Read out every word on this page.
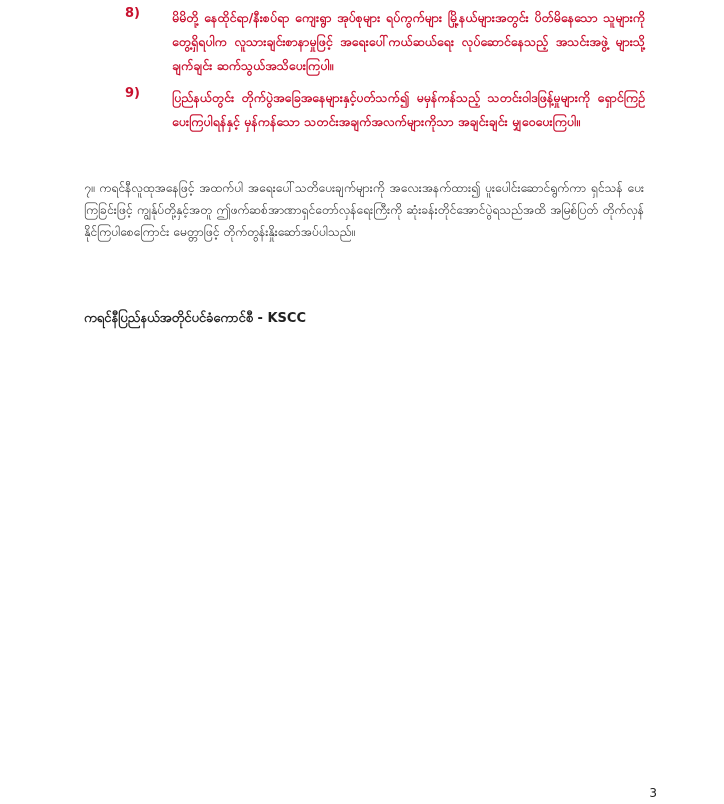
8)	မိမိတို့ နေထိုင်ရာ/နီးစပ်ရာ ကျေးရွာ အုပ်စုများ ရပ်ကွက်များ မြို့နယ်များအတွင်း ပိတ်မိနေသော သူများကို တွေ့ရှိရပါက လူသားချင်းစာနာမှုဖြင့် အရေးပေါ်ကယ်ဆယ်ရေး လုပ်ဆောင်နေသည့် အသင်းအဖွဲ့ များသို့ ချက်ချင်း ဆက်သွယ်အသိပေးကြပါ။
9)	ပြည်နယ်တွင်း တိုက်ပွဲအခြေအနေများနှင့်ပတ်သက်၍ မမှန်ကန်သည့် သတင်းဝါဒဖြန့်မှုများကို ရှောင်ကြဉ် ပေးကြပါရန်နှင့် မှန်ကန်သော သတင်းအချက်အလက်များကိုသာ အချင်းချင်း မျှဝေပေးကြပါ။
၇။ ကရင်နီလူထုအနေဖြင့် အထက်ပါ အရေးပေါ်သတိပေးချက်များကို အလေးအနက်ထား၍ ပူးပေါင်းဆောင်ရွက်ကာ ရှင်သန် ပေးကြခြင်းဖြင့် ကျွန်ုပ်တို့နှင့်အတူ ဤဖက်ဆစ်အာဏာရှင်တော်လှန်ရေးကြီးကို ဆုံးခန်းတိုင်အောင်ပွဲရသည်အထိ အမြစ်ပြတ် တိုက်လှန်နိုင်ကြပါစေကြောင်း မေတ္တာဖြင့် တိုက်တွန်းနှိုးဆော်အပ်ပါသည်။
ကရင်နီပြည်နယ်အတိုင်ပင်ခံကောင်စီ - KSCC
3
